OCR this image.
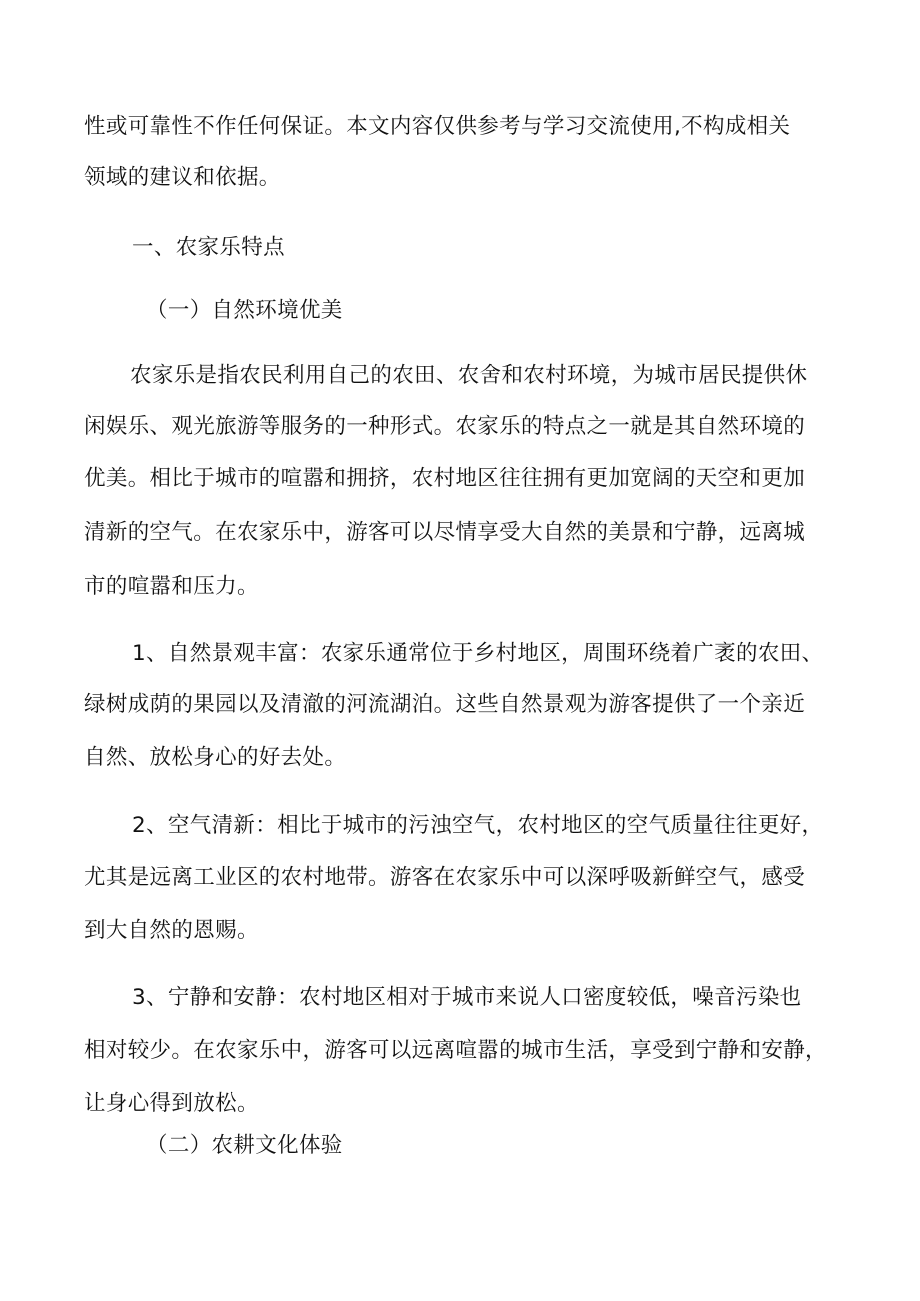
性或可靠性不作任何保证。本文内容仅供参考与学习交流使用,不构成相关
领域的建议和依据。
一、农家乐特点
（一）自然环境优美
农家乐是指农民利用自己的农田、农舍和农村环境，为城市居民提供休
闲娱乐、观光旅游等服务的一种形式。农家乐的特点之一就是其自然环境的
优美。相比于城市的喧嚣和拥挤，农村地区往往拥有更加宽阔的天空和更加
清新的空气。在农家乐中，游客可以尽情享受大自然的美景和宁静，远离城
市的喧嚣和压力。
1、自然景观丰富：农家乐通常位于乡村地区，周围环绕着广袤的农田、
绿树成荫的果园以及清澈的河流湖泊。这些自然景观为游客提供了一个亲近
自然、放松身心的好去处。
2、空气清新：相比于城市的污浊空气，农村地区的空气质量往往更好，
尤其是远离工业区的农村地带。游客在农家乐中可以深呼吸新鲜空气，感受
到大自然的恩赐。
3、宁静和安静：农村地区相对于城市来说人口密度较低，噪音污染也
相对较少。在农家乐中，游客可以远离喧嚣的城市生活，享受到宁静和安静，
让身心得到放松。
（二）农耕文化体验
